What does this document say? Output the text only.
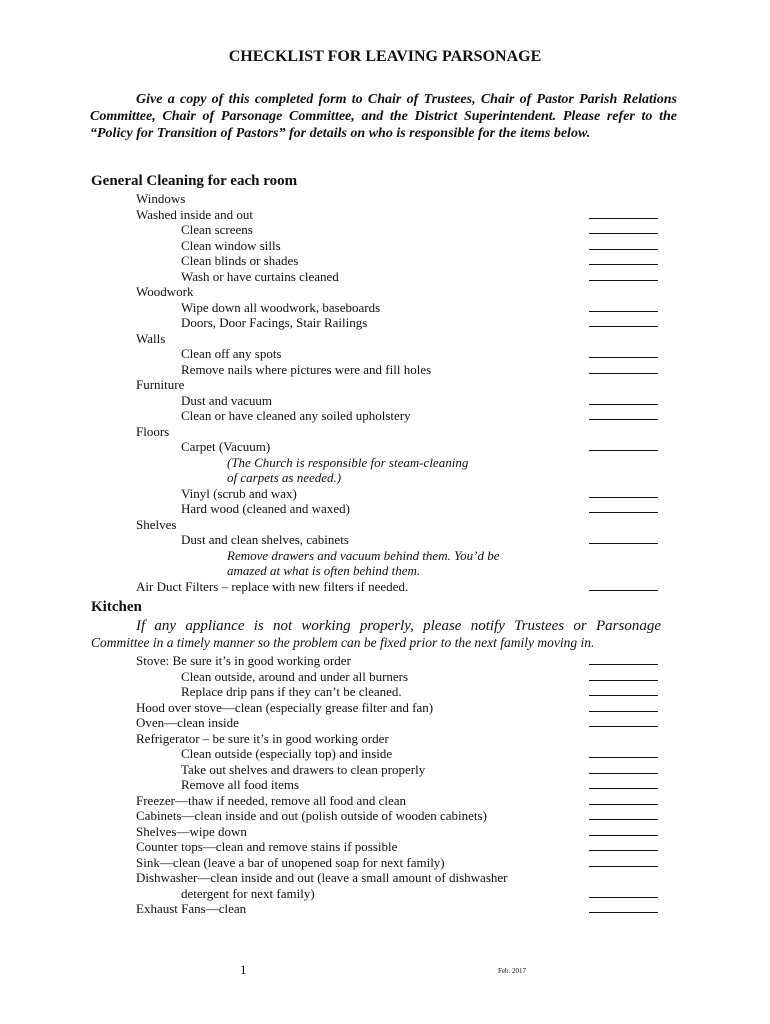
CHECKLIST FOR LEAVING PARSONAGE

Give a copy of this completed form to Chair of Trustees, Chair of Pastor Parish Relations Committee, Chair of Parsonage Committee, and the District Superintendent. Please refer to the “Policy for Transition of Pastors” for details on who is responsible for the items below.

General Cleaning for each room
Windows
Washed inside and out
Clean screens
Clean window sills
Clean blinds or shades
Wash or have curtains cleaned
Woodwork
Wipe down all woodwork, baseboards
Doors, Door Facings, Stair Railings
Walls
Clean off any spots
Remove nails where pictures were and fill holes
Furniture
Dust and vacuum
Clean or have cleaned any soiled upholstery
Floors
Carpet (Vacuum)
(The Church is responsible for steam-cleaning
of carpets as needed.)
Vinyl (scrub and wax)
Hard wood (cleaned and waxed)
Shelves
Dust and clean shelves, cabinets
Remove drawers and vacuum behind them. You’d be
amazed at what is often behind them.
Air Duct Filters – replace with new filters if needed.
Kitchen

If any appliance is not working properly, please notify Trustees or Parsonage
Committee in a timely manner so the problem can be fixed prior to the next family moving in.

Stove: Be sure it’s in good working order
Clean outside, around and under all burners
Replace drip pans if they can’t be cleaned.
Hood over stove—clean (especially grease filter and fan)
Oven—clean inside
Refrigerator – be sure it’s in good working order
Clean outside (especially top) and inside
Take out shelves and drawers to clean properly
Remove all food items
Freezer—thaw if needed, remove all food and clean
Cabinets—clean inside and out (polish outside of wooden cabinets)
Shelves—wipe down
Counter tops—clean and remove stains if possible
Sink—clean (leave a bar of unopened soap for next family)
Dishwasher—clean inside and out (leave a small amount of dishwasher
detergent for next family)
Exhaust Fans—clean
1	Feb. 2017
